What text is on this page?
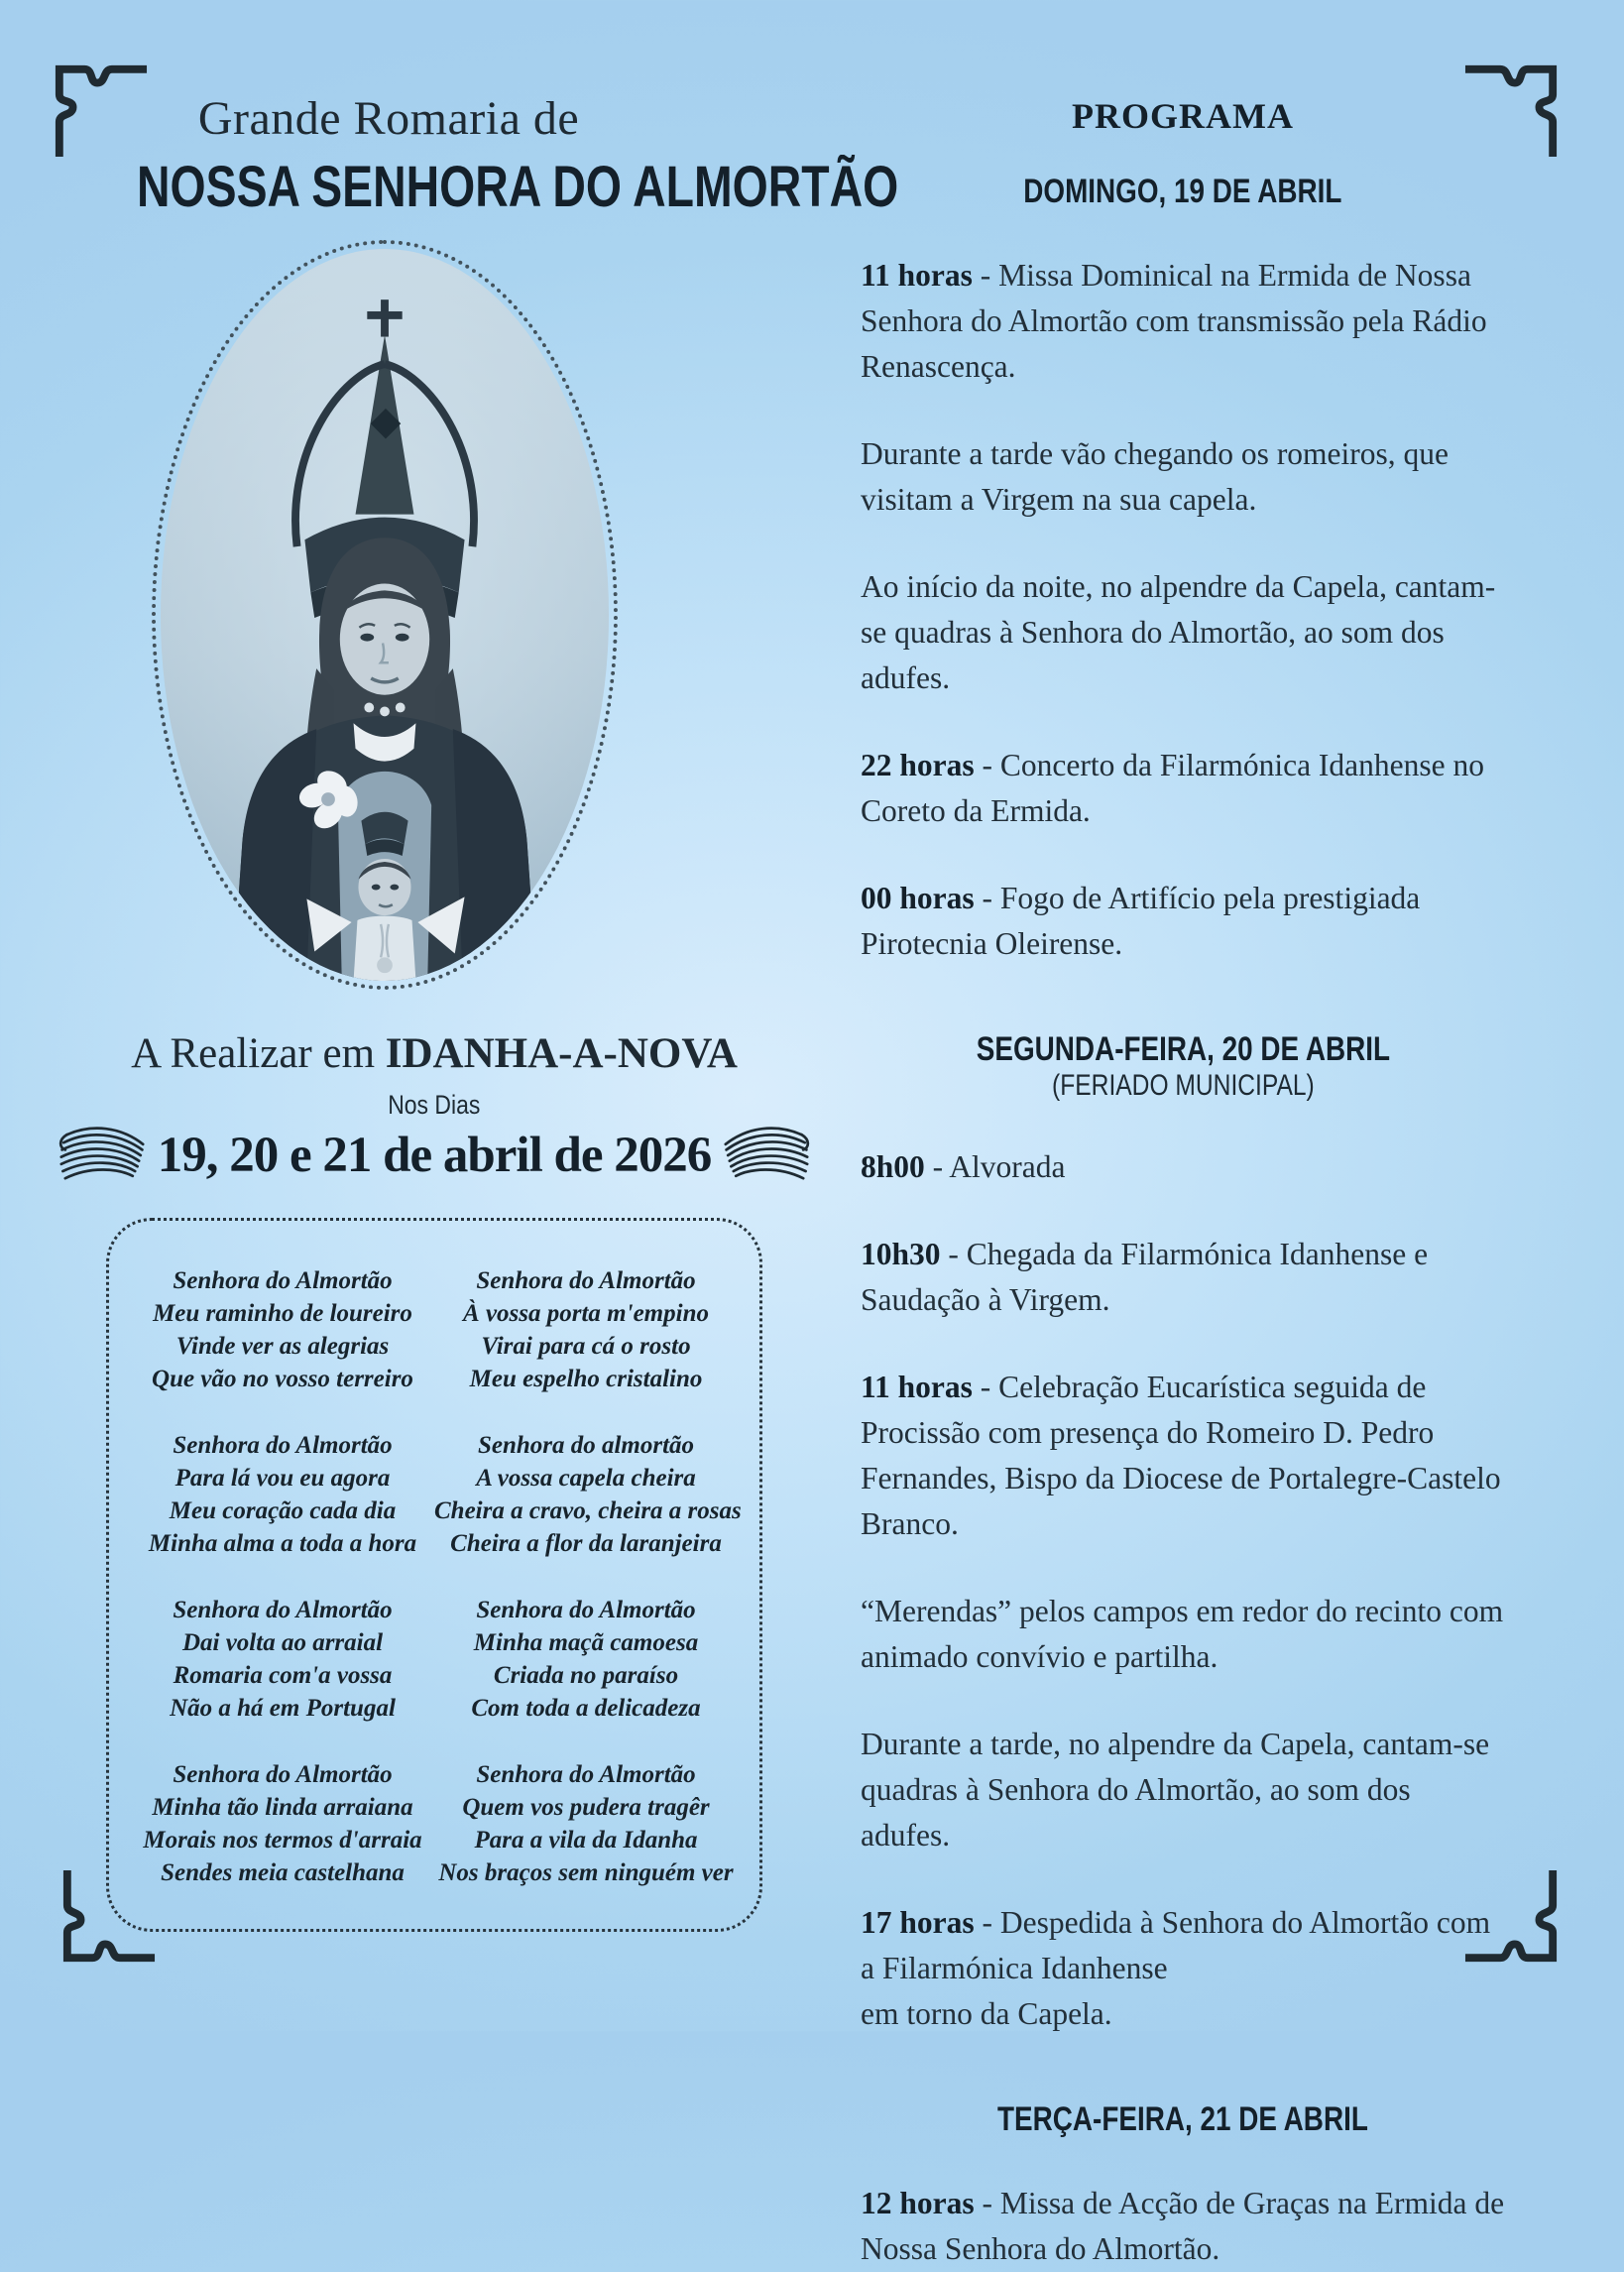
Grande Romaria de
NOSSA SENHORA DO ALMORTÃO
A Realizar em IDANHA-A-NOVA
Nos Dias
19, 20 e 21 de abril de 2026
Senhora do Almortão
Meu raminho de loureiro
Vinde ver as alegrias
Que vão no vosso terreiro
Senhora do Almortão
Para lá vou eu agora
Meu coração cada dia
Minha alma a toda a hora
Senhora do Almortão
Dai volta ao arraial
Romaria com'a vossa
Não a há em Portugal
Senhora do Almortão
Minha tão linda arraiana
Morais nos termos d'arraia
Sendes meia castelhana
Senhora do Almortão
À vossa porta m'empino
Virai para cá o rosto
Meu espelho cristalino
Senhora do almortão
A vossa capela cheira
Cheira a cravo, cheira a rosas
Cheira a flor da laranjeira
Senhora do Almortão
Minha maçã camoesa
Criada no paraíso
Com toda a delicadeza
Senhora do Almortão
Quem vos pudera tragêr
Para a vila da Idanha
Nos braços sem ninguém ver
PROGRAMA
DOMINGO, 19 DE ABRIL

11 horas - Missa Dominical na Ermida de Nossa Senhora do Almortão com transmissão pela Rádio Renascença.

Durante a tarde vão chegando os romeiros, que visitam a Virgem na sua capela.

Ao início da noite, no alpendre da Capela, cantam-se quadras à Senhora do Almortão, ao som dos adufes.

22 horas - Concerto da Filarmónica Idanhense no Coreto da Ermida.

00 horas - Fogo de Artifício pela prestigiada Pirotecnia Oleirense.

SEGUNDA-FEIRA, 20 DE ABRIL
(FERIADO MUNICIPAL)

8h00 - Alvorada

10h30 - Chegada da Filarmónica Idanhense e Saudação à Virgem.

11 horas - Celebração Eucarística seguida de Procissão com presença do Romeiro D. Pedro Fernandes, Bispo da Diocese de Portalegre-Castelo Branco.

“Merendas” pelos campos em redor do recinto com animado convívio e partilha.

Durante a tarde, no alpendre da Capela, cantam-se quadras à Senhora do Almortão, ao som dos adufes.

17 horas - Despedida à Senhora do Almortão com a Filarmónica Idanhense
em torno da Capela.

TERÇA-FEIRA, 21 DE ABRIL

12 horas - Missa de Acção de Graças na Ermida de Nossa Senhora do Almortão.
